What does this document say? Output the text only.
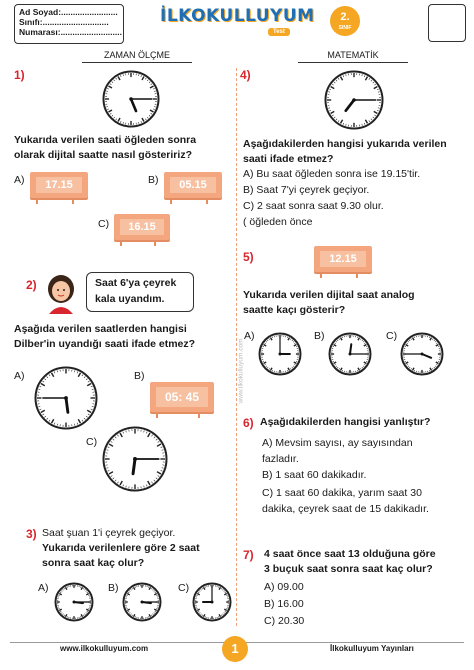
Ad Soyad:........................
Sınıfı:............................
Numarası:..........................
İLKOKULLUYUM
Test
2.
SINIF
ZAMAN ÖLÇME	MATEMATİK
www.ilkokulluyum.com
1)
Yukarıda verilen saati öğleden sonra
olarak dijital saatte nasıl gösteririz?
A)	17.15	B)	05.15
C)	16.15
2)	Saat 6'ya çeyrek
kala uyandım.
Aşağıda verilen saatlerden hangisi
Dilber'in uyandığı saati ifade etmez?
A)	B)
05: 45
C)
3) Saat şuan 1'i çeyrek geçiyor.
Yukarıda verilenlere göre 2 saat
sonra saat kaç olur?
A)	B)	C)
4)
Aşağıdakilerden hangisi yukarıda verilen
saati ifade etmez?
A) Bu saat öğleden sonra ise 19.15'tir.
B) Saat 7'yi çeyrek geçiyor.
C) 2 saat sonra saat 9.30 olur.
( öğleden önce
5)	12.15
Yukarıda verilen dijital saat analog
saatte kaçı gösterir?
A)	B)	C)
6) Aşağıdakilerden hangisi yanlıştır?
A) Mevsim sayısı, ay sayısından
fazladır.
B) 1 saat 60 dakikadır.
C) 1 saat 60 dakika, yarım saat 30
dakika, çeyrek saat de 15 dakikadır.
7) 4 saat önce saat 13 olduğuna göre
3 buçuk saat sonra saat kaç olur?
A) 09.00
B) 16.00
C) 20.30
www.ilkokulluyum.com	1	İlkokulluyum Yayınları
